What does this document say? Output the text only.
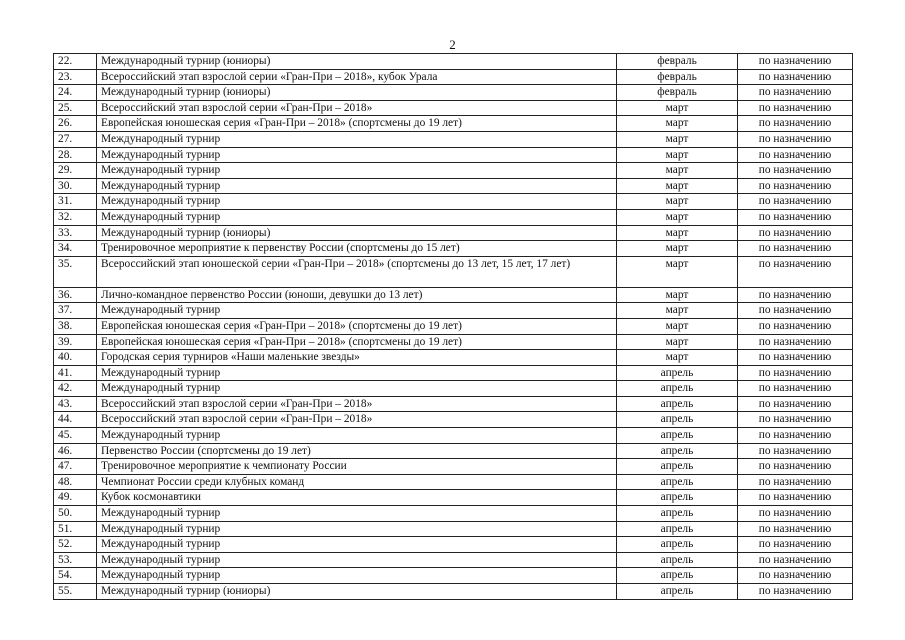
2
22.	Международный турнир (юниоры)	февраль	по назначению
23.	Всероссийский этап взрослой серии «Гран-При – 2018», кубок Урала	февраль	по назначению
24.	Международный турнир (юниоры)	февраль	по назначению
25.	Всероссийский этап взрослой серии «Гран-При – 2018»	март	по назначению
26.	Европейская юношеская серия «Гран-При – 2018» (спортсмены до 19 лет)	март	по назначению
27.	Международный турнир	март	по назначению
28.	Международный турнир	март	по назначению
29.	Международный турнир	март	по назначению
30.	Международный турнир	март	по назначению
31.	Международный турнир	март	по назначению
32.	Международный турнир	март	по назначению
33.	Международный турнир (юниоры)	март	по назначению
34.	Тренировочное мероприятие к первенству России (спортсмены до 15 лет)	март	по назначению
35.	Всероссийский этап юношеской серии «Гран-При – 2018» (спортсмены до 13 лет, 15 лет, 17 лет)	март	по назначению
36.	Лично-командное первенство России (юноши, девушки до 13 лет)	март	по назначению
37.	Международный турнир	март	по назначению
38.	Европейская юношеская серия «Гран-При – 2018» (спортсмены до 19 лет)	март	по назначению
39.	Европейская юношеская серия «Гран-При – 2018» (спортсмены до 19 лет)	март	по назначению
40.	Городская серия турниров «Наши маленькие звезды»	март	по назначению
41.	Международный турнир	апрель	по назначению
42.	Международный турнир	апрель	по назначению
43.	Всероссийский этап взрослой серии «Гран-При – 2018»	апрель	по назначению
44.	Всероссийский этап взрослой серии «Гран-При – 2018»	апрель	по назначению
45.	Международный турнир	апрель	по назначению
46.	Первенство России (спортсмены до 19 лет)	апрель	по назначению
47.	Тренировочное мероприятие к чемпионату России	апрель	по назначению
48.	Чемпионат России среди клубных команд	апрель	по назначению
49.	Кубок космонавтики	апрель	по назначению
50.	Международный турнир	апрель	по назначению
51.	Международный турнир	апрель	по назначению
52.	Международный турнир	апрель	по назначению
53.	Международный турнир	апрель	по назначению
54.	Международный турнир	апрель	по назначению
55.	Международный турнир (юниоры)	апрель	по назначению
